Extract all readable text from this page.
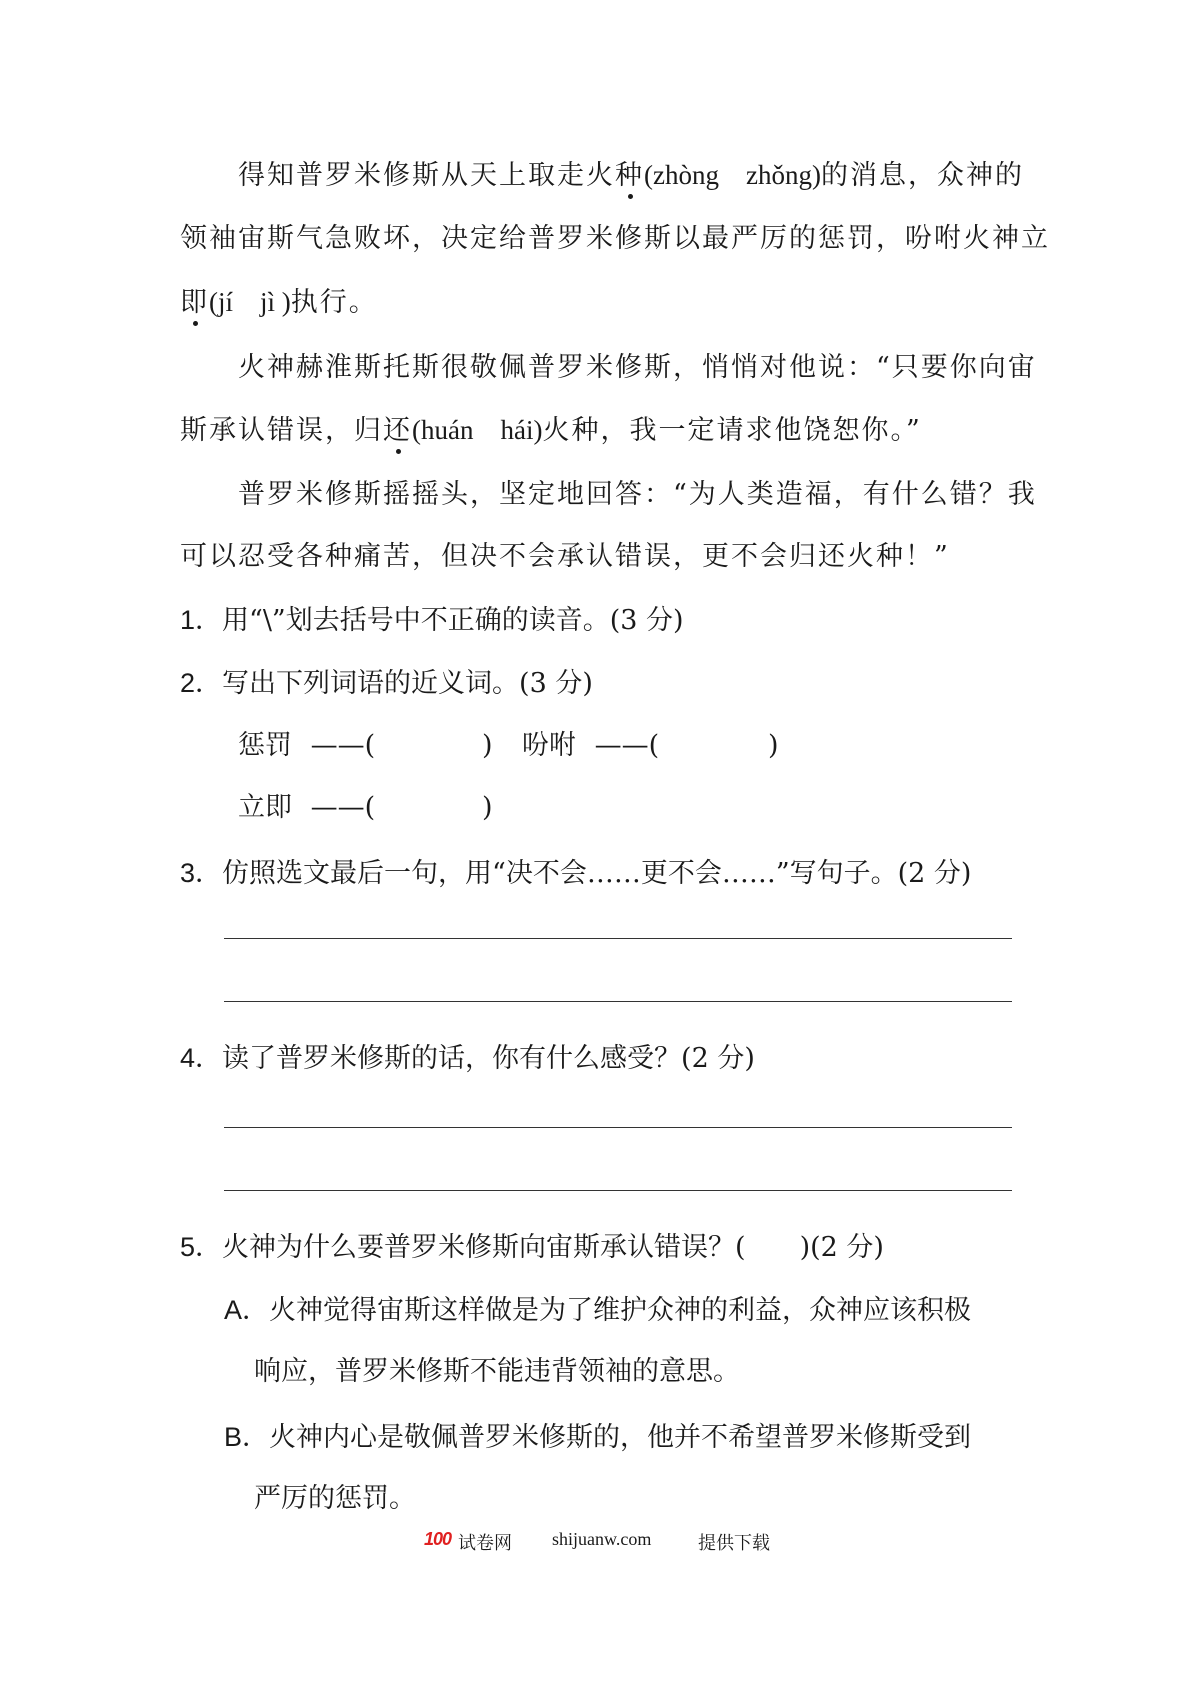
得知普罗米修斯从天上取走火种(zhòng　zhǒng)的消息，众神的
领袖宙斯气急败坏，决定给普罗米修斯以最严厉的惩罚，吩咐火神立
即(jí　jì )执行。
火神赫淮斯托斯很敬佩普罗米修斯，悄悄对他说：“只要你向宙
斯承认错误，归还(huán　hái)火种，我一定请求他饶恕你。”
普罗米修斯摇摇头，坚定地回答：“为人类造福，有什么错？我
可以忍受各种痛苦，但决不会承认错误，更不会归还火种！”
1．用“\”划去括号中不正确的读音。(3 分)
2．写出下列词语的近义词。(3 分)
惩罚 ——(	) 吩咐 ——(	)
立即 ——(	)
3．仿照选文最后一句，用“决不会……更不会……”写句子。(2 分)
4．读了普罗米修斯的话，你有什么感受？(2 分)
5．火神为什么要普罗米修斯向宙斯承认错误？(　　)(2 分)
A．火神觉得宙斯这样做是为了维护众神的利益，众神应该积极
响应，普罗米修斯不能违背领袖的意思。
B．火神内心是敬佩普罗米修斯的，他并不希望普罗米修斯受到
严厉的惩罚。
100 试卷网 shijuanw.com	提供下载
